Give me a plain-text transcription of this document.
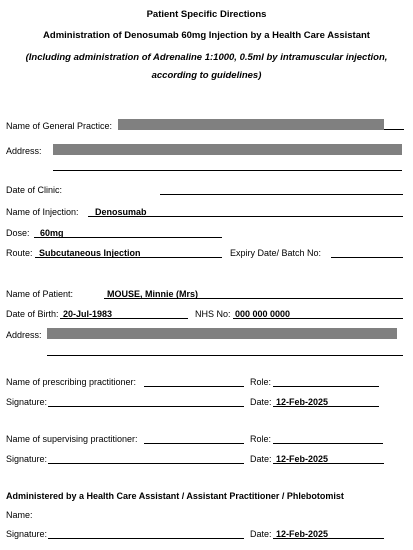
Patient Specific Directions
Administration of Denosumab 60mg Injection by a Health Care Assistant
(Including administration of Adrenaline 1:1000, 0.5ml by intramuscular injection,
according to guidelines)
Name of General Practice:
Address:
Date of Clinic:
Name of Injection: Denosumab
Dose: 60mg
Route: Subcutaneous Injection	Expiry Date/ Batch No:
Name of Patient:	MOUSE, Minnie (Mrs)
Date of Birth: 20-Jul-1983	NHS No: 000 000 0000
Address:
Name of prescribing practitioner:	Role:
Signature:	Date: 12-Feb-2025
Name of supervising practitioner:	Role:
Signature:	Date: 12-Feb-2025
Administered by a Health Care Assistant / Assistant Practitioner / Phlebotomist
Name:
Signature:	Date: 12-Feb-2025
